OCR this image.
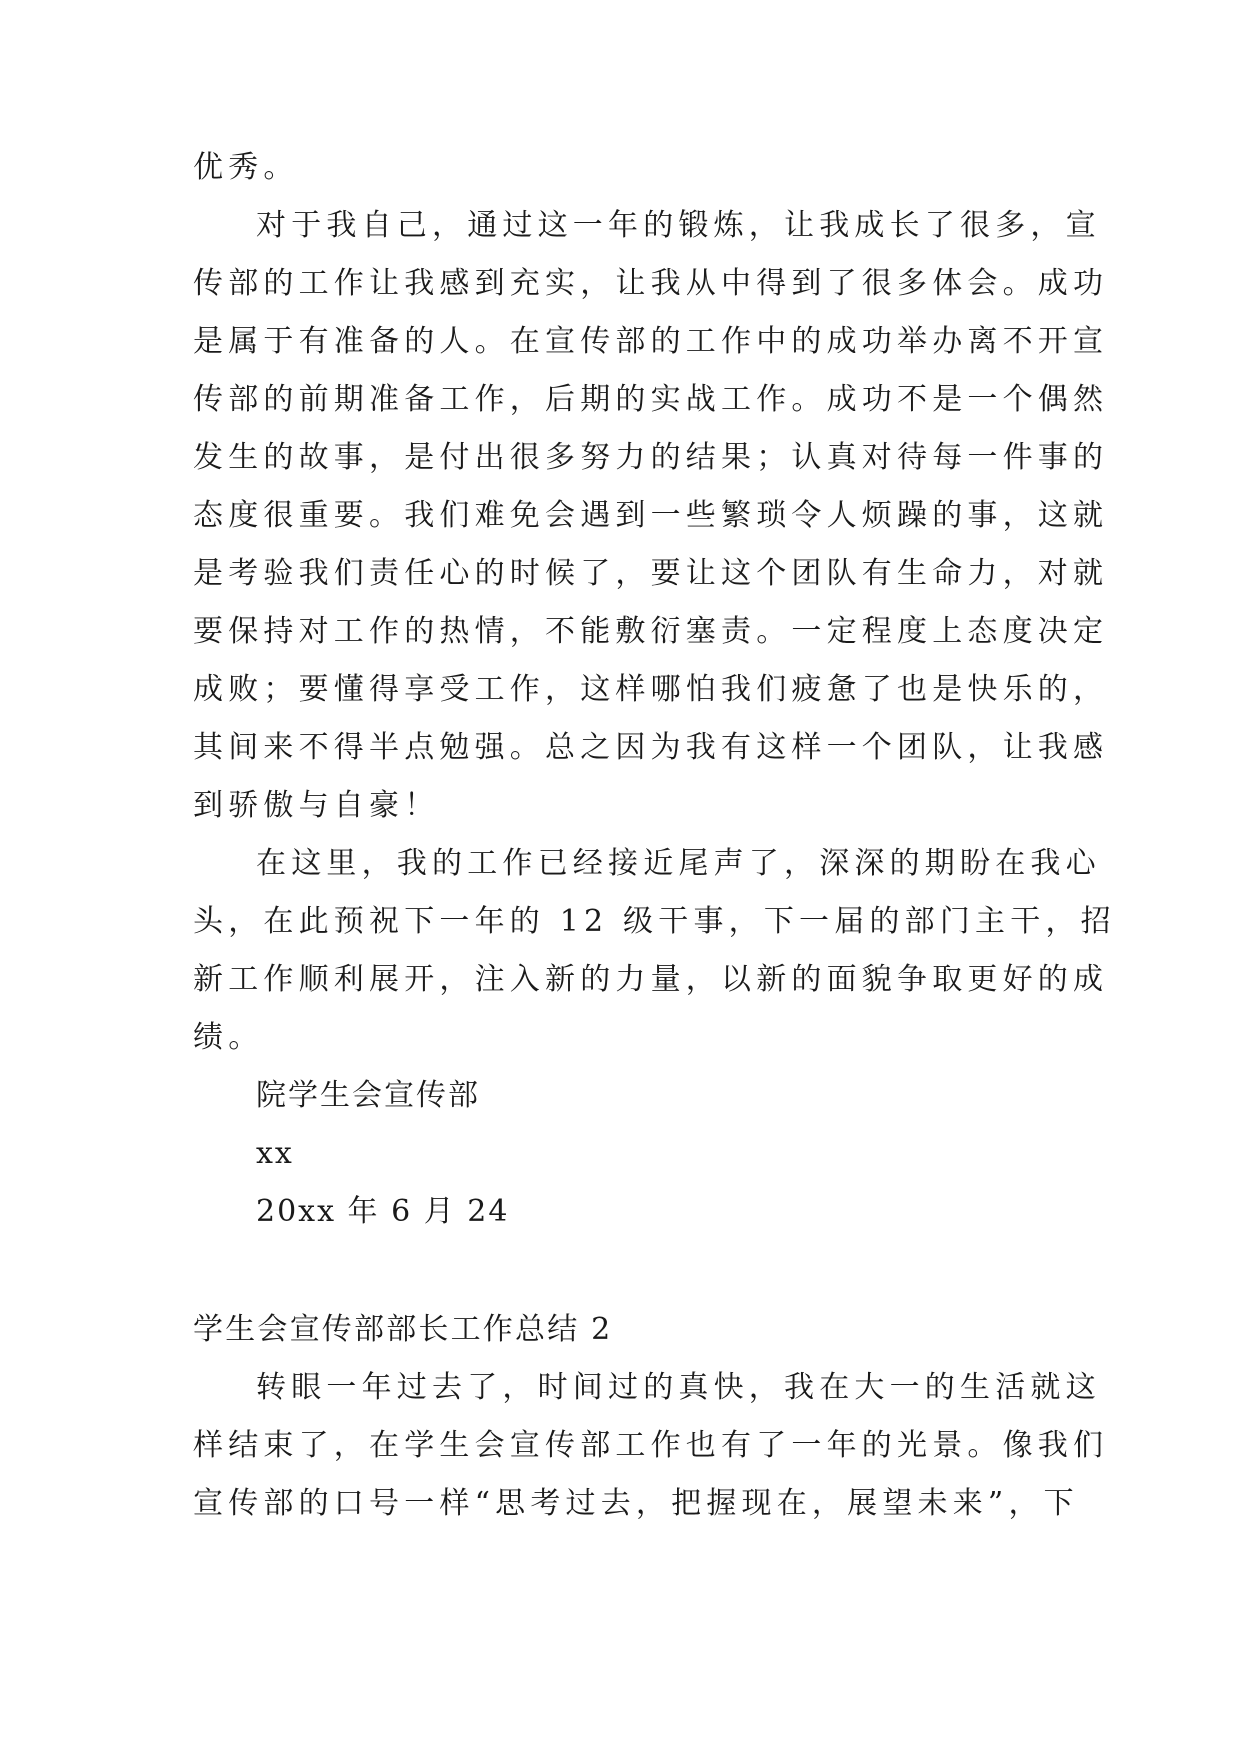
优秀。
对于我自己，通过这一年的锻炼，让我成长了很多，宣
传部的工作让我感到充实，让我从中得到了很多体会。成功
是属于有准备的人。在宣传部的工作中的成功举办离不开宣
传部的前期准备工作，后期的实战工作。成功不是一个偶然
发生的故事，是付出很多努力的结果；认真对待每一件事的
态度很重要。我们难免会遇到一些繁琐令人烦躁的事，这就
是考验我们责任心的时候了，要让这个团队有生命力，对就
要保持对工作的热情，不能敷衍塞责。一定程度上态度决定
成败；要懂得享受工作，这样哪怕我们疲惫了也是快乐的，
其间来不得半点勉强。总之因为我有这样一个团队，让我感
到骄傲与自豪！
在这里，我的工作已经接近尾声了，深深的期盼在我心
头，在此预祝下一年的 12 级干事，下一届的部门主干，招
新工作顺利展开，注入新的力量，以新的面貌争取更好的成
绩。
院学生会宣传部
xx
20xx 年 6 月 24
学生会宣传部部长工作总结 2
转眼一年过去了，时间过的真快，我在大一的生活就这
样结束了，在学生会宣传部工作也有了一年的光景。像我们
宣传部的口号一样“思考过去，把握现在，展望未来”，下
